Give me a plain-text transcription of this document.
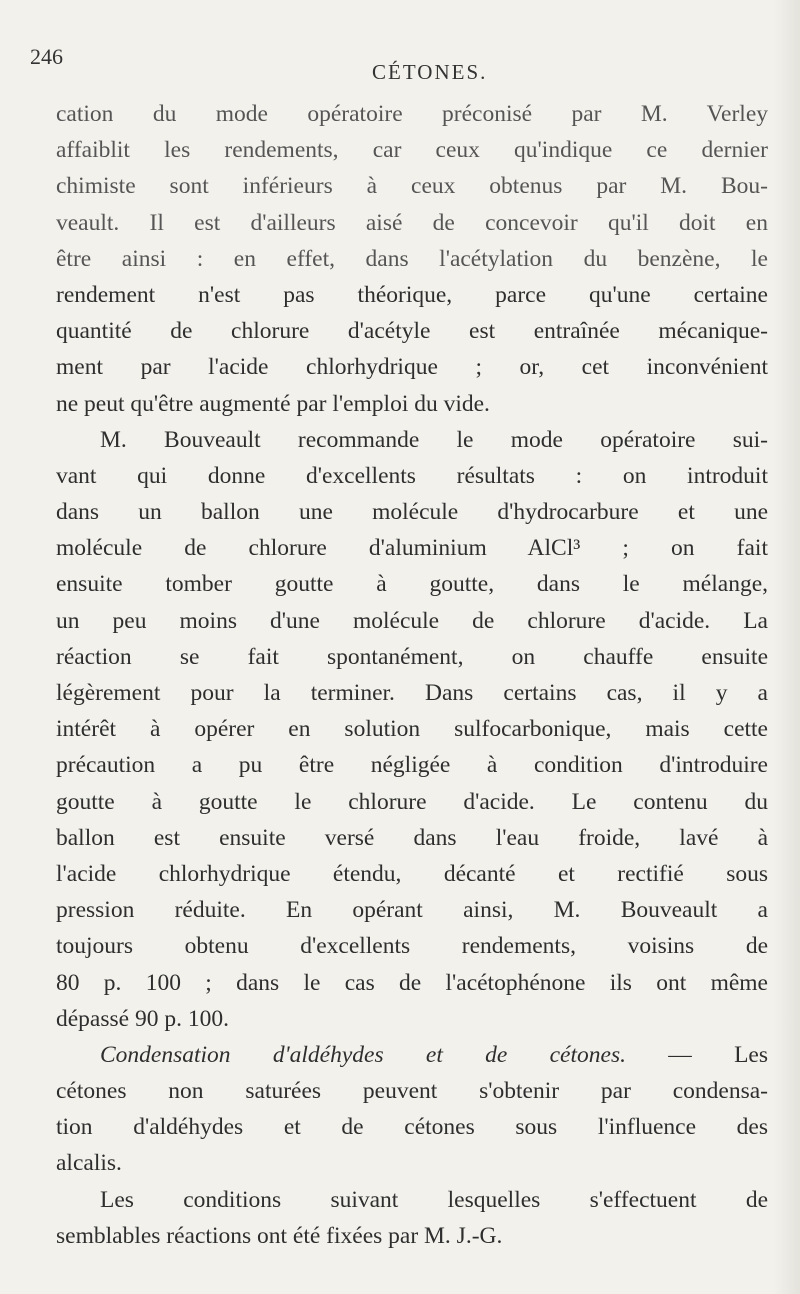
246
CÉTONES.
cation du mode opératoire préconisé par M. Verley
affaiblit les rendements, car ceux qu'indique ce dernier
chimiste sont inférieurs à ceux obtenus par M. Bou-
veault. Il est d'ailleurs aisé de concevoir qu'il doit en
être ainsi : en effet, dans l'acétylation du benzène, le
rendement n'est pas théorique, parce qu'une certaine
quantité de chlorure d'acétyle est entraînée mécanique-
ment par l'acide chlorhydrique ; or, cet inconvénient
ne peut qu'être augmenté par l'emploi du vide.
M. Bouveault recommande le mode opératoire sui-
vant qui donne d'excellents résultats : on introduit
dans un ballon une molécule d'hydrocarbure et une
molécule de chlorure d'aluminium AlCl³ ; on fait
ensuite tomber goutte à goutte, dans le mélange,
un peu moins d'une molécule de chlorure d'acide. La
réaction se fait spontanément, on chauffe ensuite
légèrement pour la terminer. Dans certains cas, il y a
intérêt à opérer en solution sulfocarbonique, mais cette
précaution a pu être négligée à condition d'introduire
goutte à goutte le chlorure d'acide. Le contenu du
ballon est ensuite versé dans l'eau froide, lavé à
l'acide chlorhydrique étendu, décanté et rectifié sous
pression réduite. En opérant ainsi, M. Bouveault a
toujours obtenu d'excellents rendements, voisins de
80 p. 100 ; dans le cas de l'acétophénone ils ont même
dépassé 90 p. 100.
Condensation d'aldéhydes et de cétones. — Les
cétones non saturées peuvent s'obtenir par condensa-
tion d'aldéhydes et de cétones sous l'influence des
alcalis.
Les conditions suivant lesquelles s'effectuent de
semblables réactions ont été fixées par M. J.-G.
